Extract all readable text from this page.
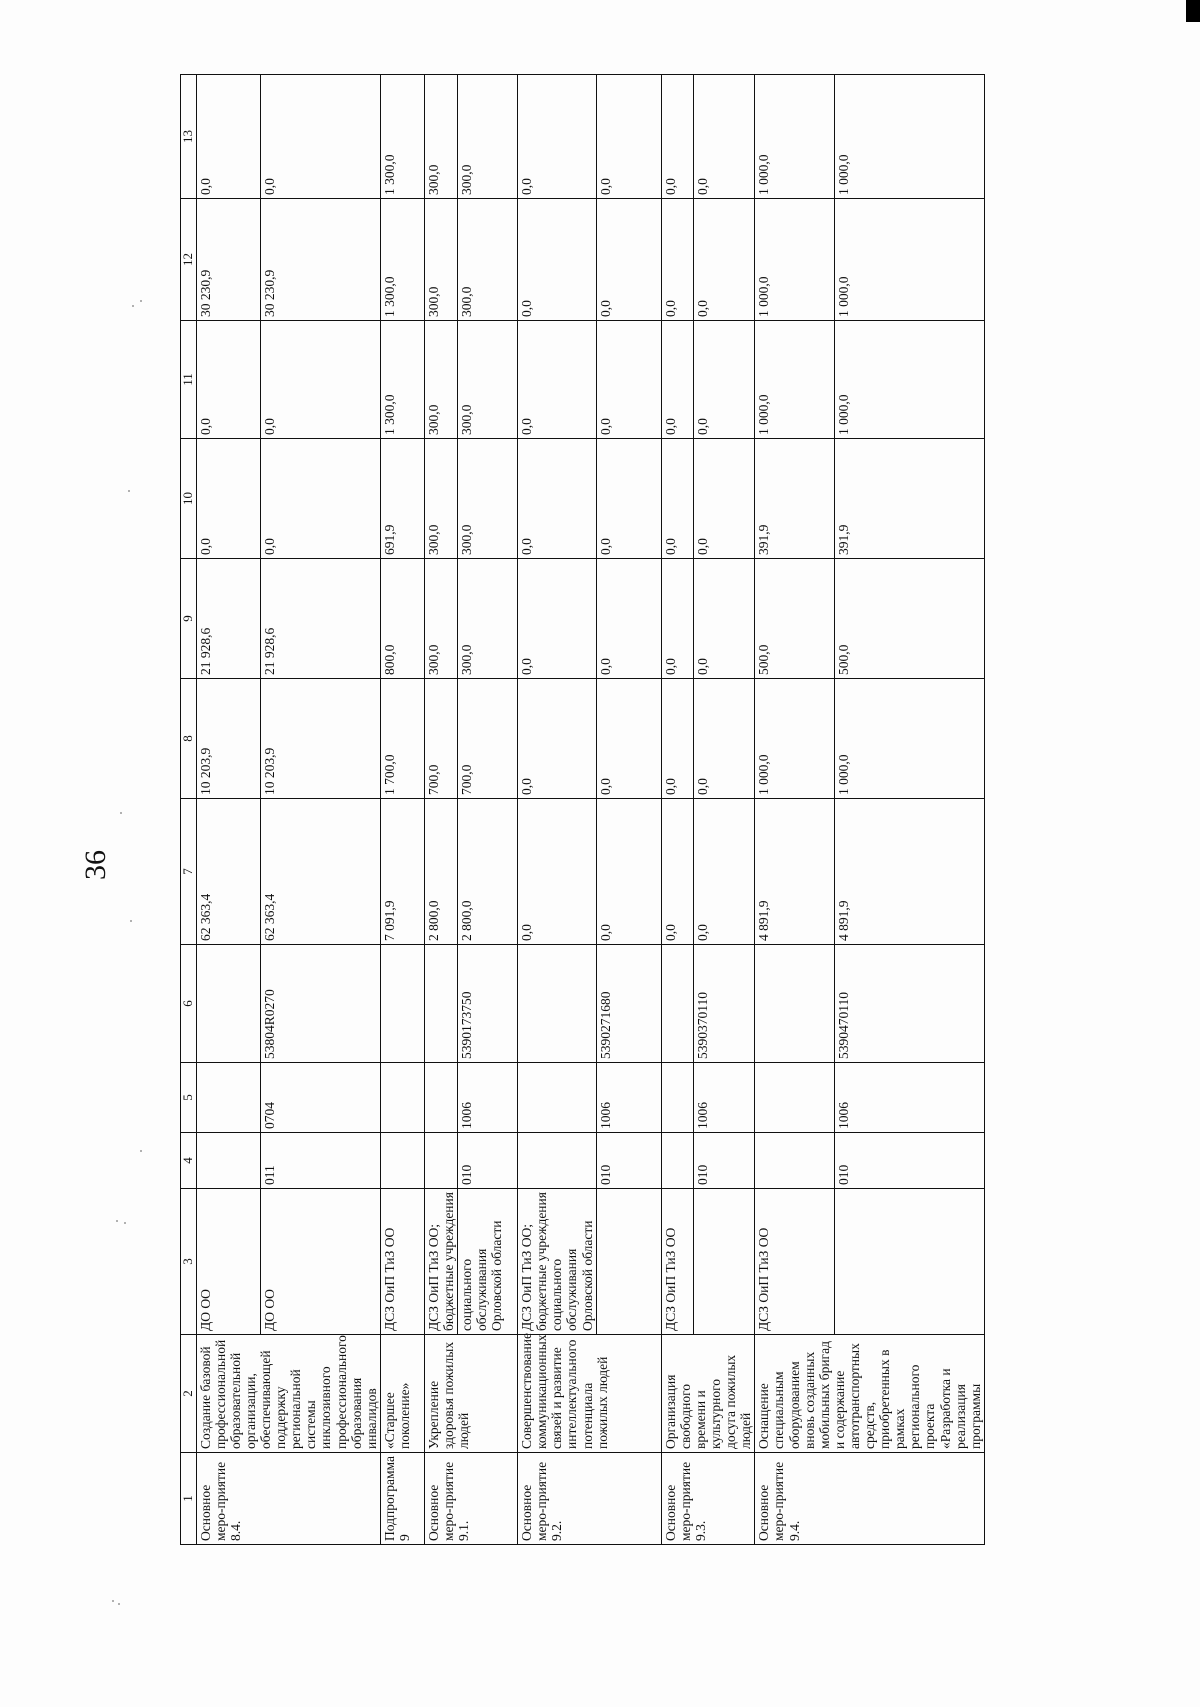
36
1	2	3	4	5	6	7	8	9	10	11	12	13
Основное меро-приятие 8.4.	Создание базовой профессиональной образовательной организации, обеспечивающей поддержку региональной системы инклюзивного профессионального образования инвалидов	ДО ОО				62 363,4	10 203,9	21 928,6	0,0	0,0	30 230,9	0,0
		ДО ОО	011	0704	53804R0270	62 363,4	10 203,9	21 928,6	0,0	0,0	30 230,9	0,0
Подпрограмма 9	«Старшее поколение»	ДСЗ ОиП ТиЗ ОО				7 091,9	1 700,0	800,0	691,9	1 300,0	1 300,0	1 300,0
Основное меро-приятие 9.1.	Укрепление здоровья пожилых людей	ДСЗ ОиП ТиЗ ОО; бюджетные учреждения				2 800,0	700,0	300,0	300,0	300,0	300,0	300,0
		социального обслуживания Орловской области	010	1006	5390173750	2 800,0	700,0	300,0	300,0	300,0	300,0	300,0
Основное меро-приятие 9.2.	Совершенствование коммуникационных связей и развитие интеллектуального потенциала пожилых людей	ДСЗ ОиП ТиЗ ОО; бюджетные учреждения социального обслуживания Орловской области				0,0	0,0	0,0	0,0	0,0	0,0	0,0
			010	1006	5390271680	0,0	0,0	0,0	0,0	0,0	0,0	0,0
Основное меро-приятие 9.3.	Организация свободного времени и культурного досуга пожилых людей	ДСЗ ОиП ТиЗ ОО				0,0	0,0	0,0	0,0	0,0	0,0	0,0
			010	1006	5390370110	0,0	0,0	0,0	0,0	0,0	0,0	0,0
Основное меро-приятие 9.4.	Оснащение специальным оборудованием вновь созданных мобильных бригад и содержание автотранспортных средств, приобретенных в рамках регионального проекта «Разработка и реализация программы	ДСЗ ОиП ТиЗ ОО				4 891,9	1 000,0	500,0	391,9	1 000,0	1 000,0	1 000,0
			010	1006	5390470110	4 891,9	1 000,0	500,0	391,9	1 000,0	1 000,0	1 000,0
